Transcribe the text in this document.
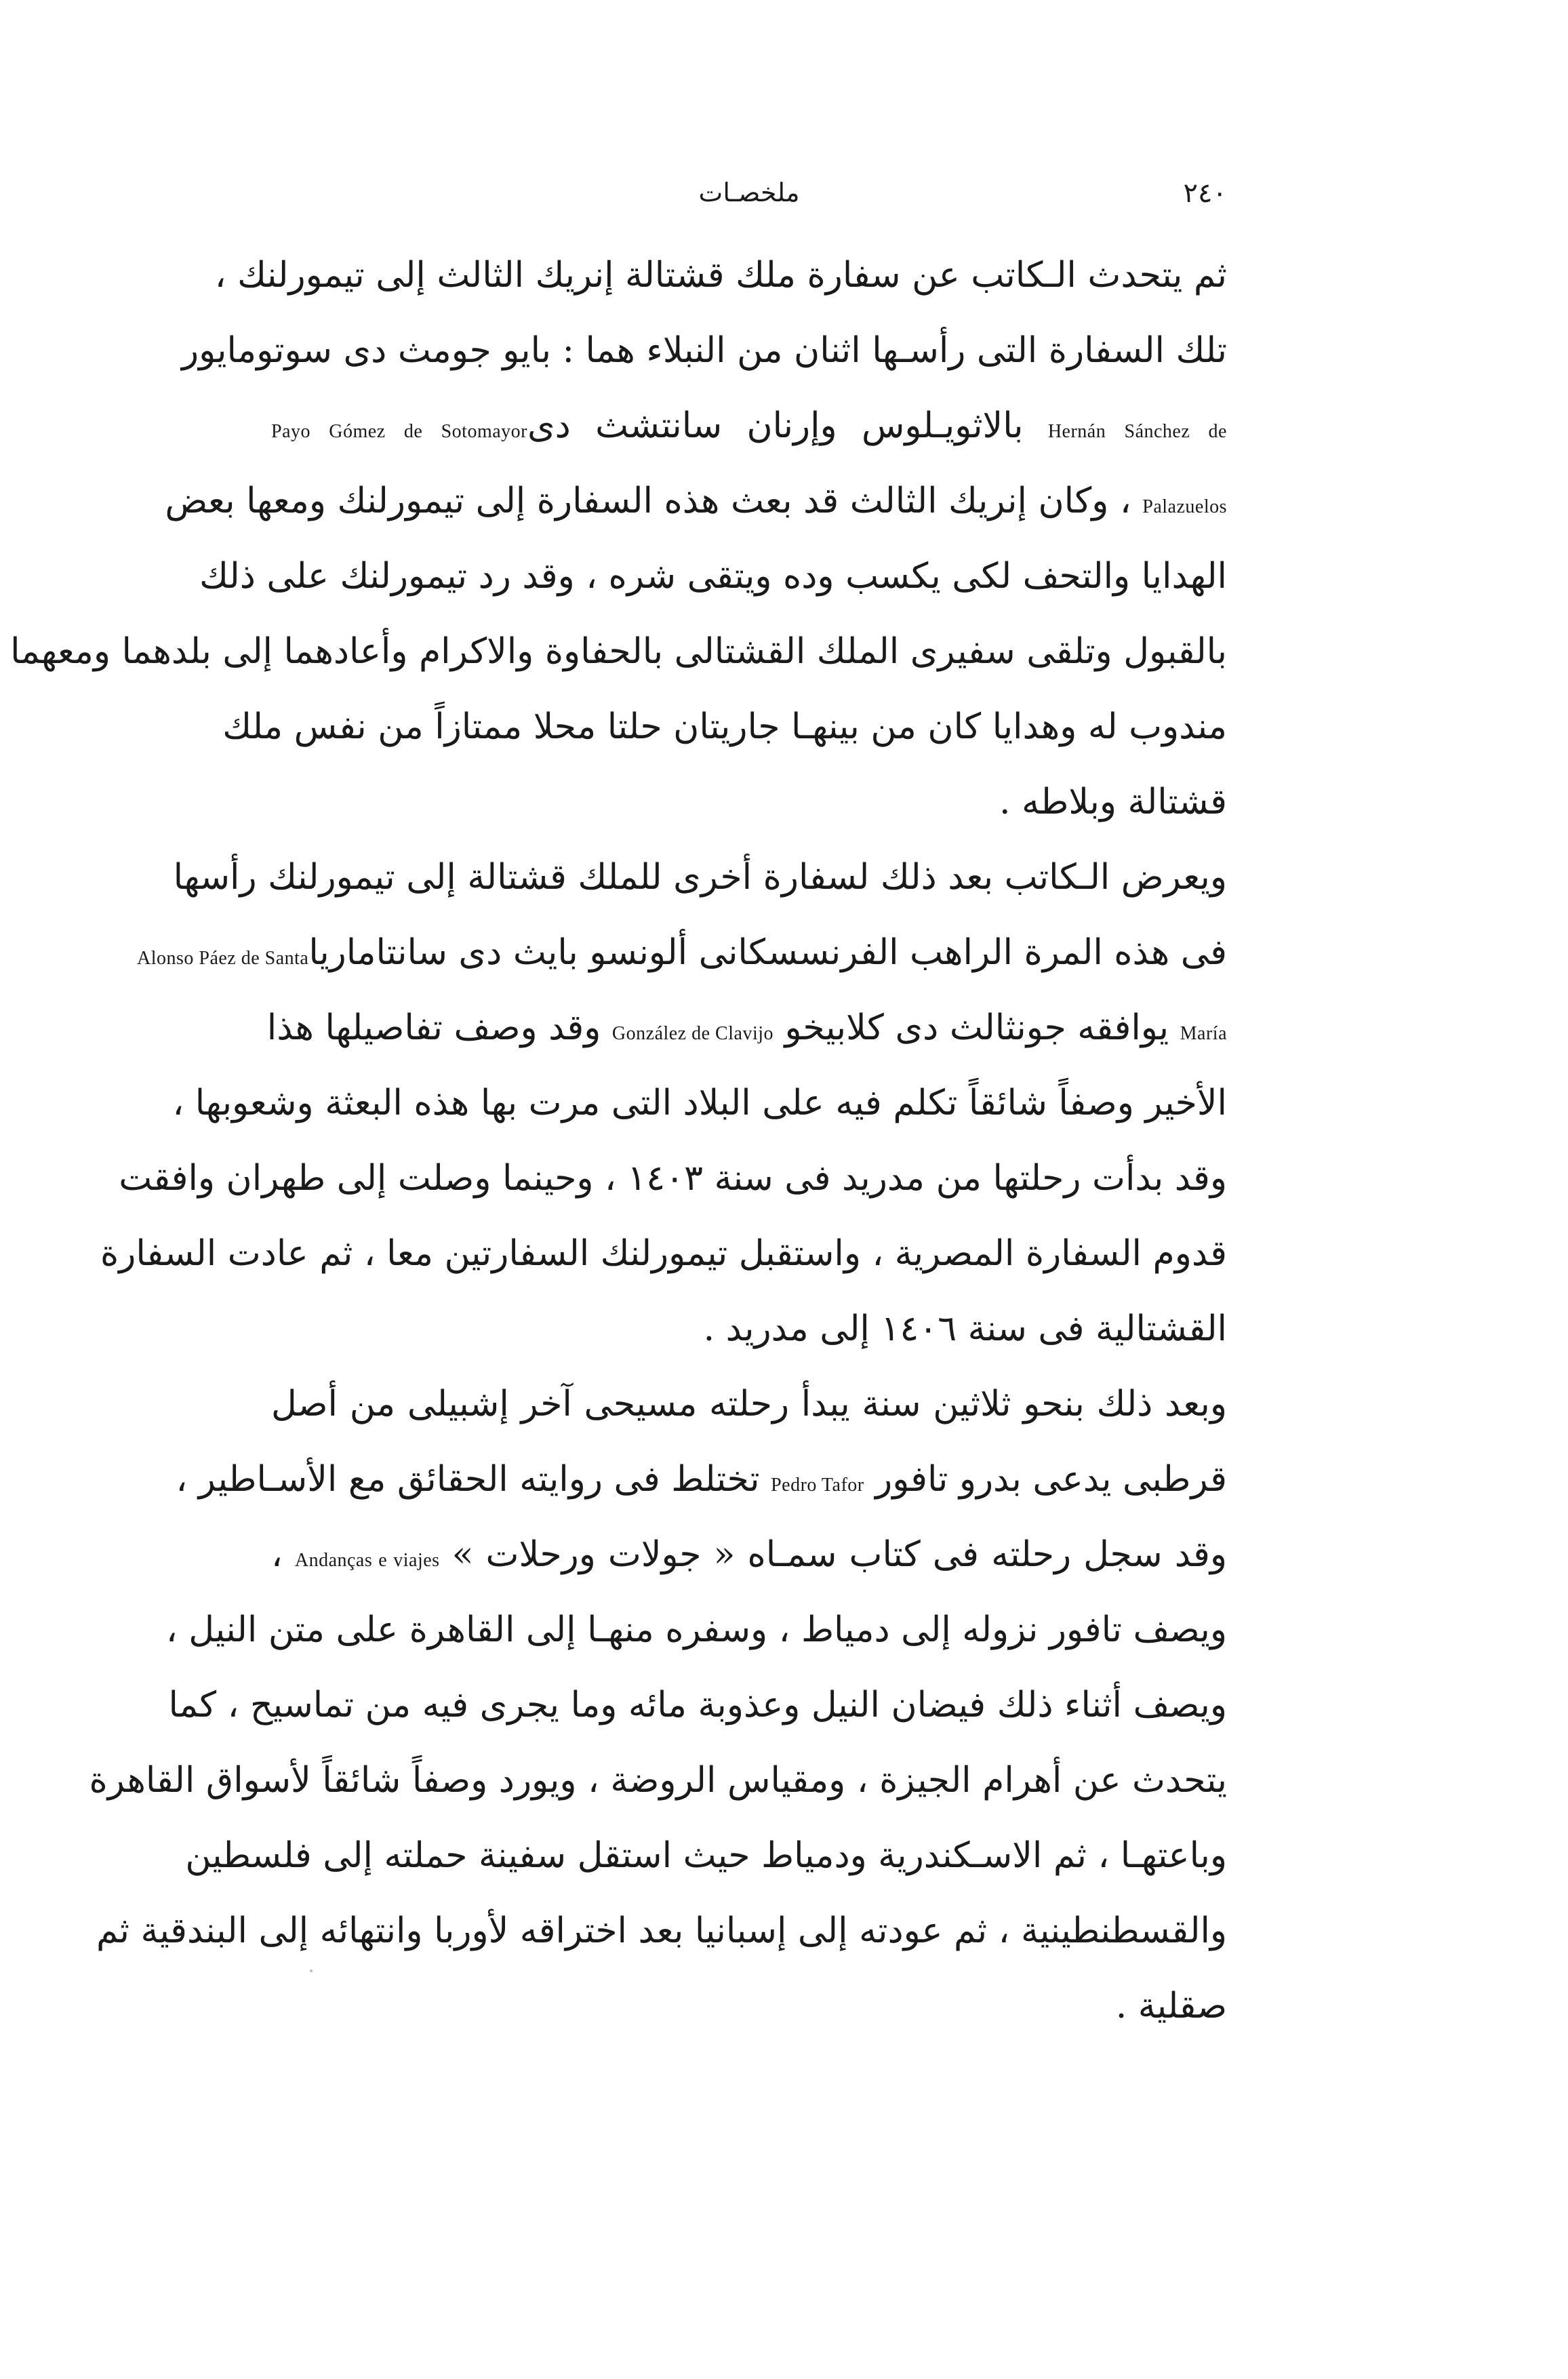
ملخصـات	٢٤٠
ثم يتحدث الـكاتب عن سفارة ملك قشتالة إنريك الثالث إلى تيمورلنك ،
تلك السفارة التى رأسـها اثنان من النبلاء هما : بايو جومث دى سوتومايور
Hernán Sánchez de بالاثويـلوس وإرنان سانتشث دىPayo Gómez de Sotomayor
Palazuelos ، وكان إنريك الثالث قد بعث هذه السفارة إلى تيمورلنك ومعها بعض
الهدايا والتحف لكى يكسب وده ويتقى شره ، وقد رد تيمورلنك على ذلك
بالقبول وتلقى سفيرى الملك القشتالى بالحفاوة والاكرام وأعادهما إلى بلدهما ومعهما
مندوب له وهدايا كان من بينهـا جاريتان حلتا محلا ممتازاً من نفس ملك
قشتالة وبلاطه .
ويعرض الـكاتب بعد ذلك لسفارة أخرى للملك قشتالة إلى تيمورلنك رأسها
فى هذه المرة الراهب الفرنسسكانى ألونسو بايث دى سانتامارياAlonso Páez de Santa
María يوافقه جونثالث دى كلابيخو González de Clavijo وقد وصف تفاصيلها هذا
الأخير وصفاً شائقاً تكلم فيه على البلاد التى مرت بها هذه البعثة وشعوبها ،
وقد بدأت رحلتها من مدريد فى سنة ١٤٠٣ ، وحينما وصلت إلى طهران وافقت
قدوم السفارة المصرية ، واستقبل تيمورلنك السفارتين معا ، ثم عادت السفارة
القشتالية فى سنة ١٤٠٦ إلى مدريد .
وبعد ذلك بنحو ثلاثين سنة يبدأ رحلته مسيحى آخر إشبيلى من أصل
قرطبى يدعى بدرو تافور Pedro Tafor تختلط فى روايته الحقائق مع الأسـاطير ،
وقد سجل رحلته فى كتاب سمـاه « جولات ورحلات » Andanças e viajes ،
ويصف تافور نزوله إلى دمياط ، وسفره منهـا إلى القاهرة على متن النيل ،
ويصف أثناء ذلك فيضان النيل وعذوبة مائه وما يجرى فيه من تماسيح ، كما
يتحدث عن أهرام الجيزة ، ومقياس الروضة ، ويورد وصفاً شائقاً لأسواق القاهرة
وباعتهـا ، ثم الاسـكندرية ودمياط حيث استقل سفينة حملته إلى فلسطين
والقسطنطينية ، ثم عودته إلى إسبانيا بعد اختراقه لأوربا وانتهائه إلى البندقية ثم
صقلية .
